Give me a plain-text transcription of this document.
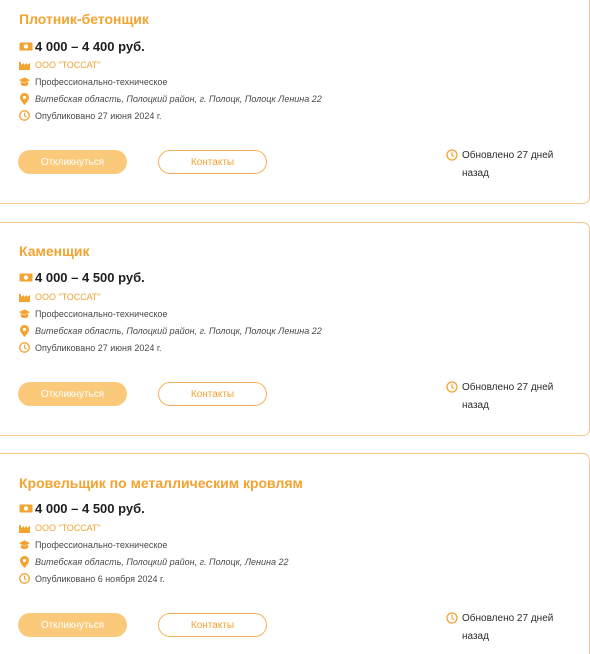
Плотник-бетонщик
4 000 – 4 400 руб.
ООО "ТОССАТ"
Профессионально-техническое
Витебская область, Полоцкий район, г. Полоцк, Полоцк Ленина 22
Опубликовано 27 июня 2024 г.
Откликнуться	Контакты
Обновлено 27 дней назад
Каменщик
4 000 – 4 500 руб.
ООО "ТОССАТ"
Профессионально-техническое
Витебская область, Полоцкий район, г. Полоцк, Полоцк Ленина 22
Опубликовано 27 июня 2024 г.
Откликнуться	Контакты
Обновлено 27 дней назад
Кровельщик по металлическим кровлям
4 000 – 4 500 руб.
ООО "ТОССАТ"
Профессионально-техническое
Витебская область, Полоцкий район, г. Полоцк, Ленина 22
Опубликовано 6 ноября 2024 г.
Откликнуться	Контакты
Обновлено 27 дней назад
